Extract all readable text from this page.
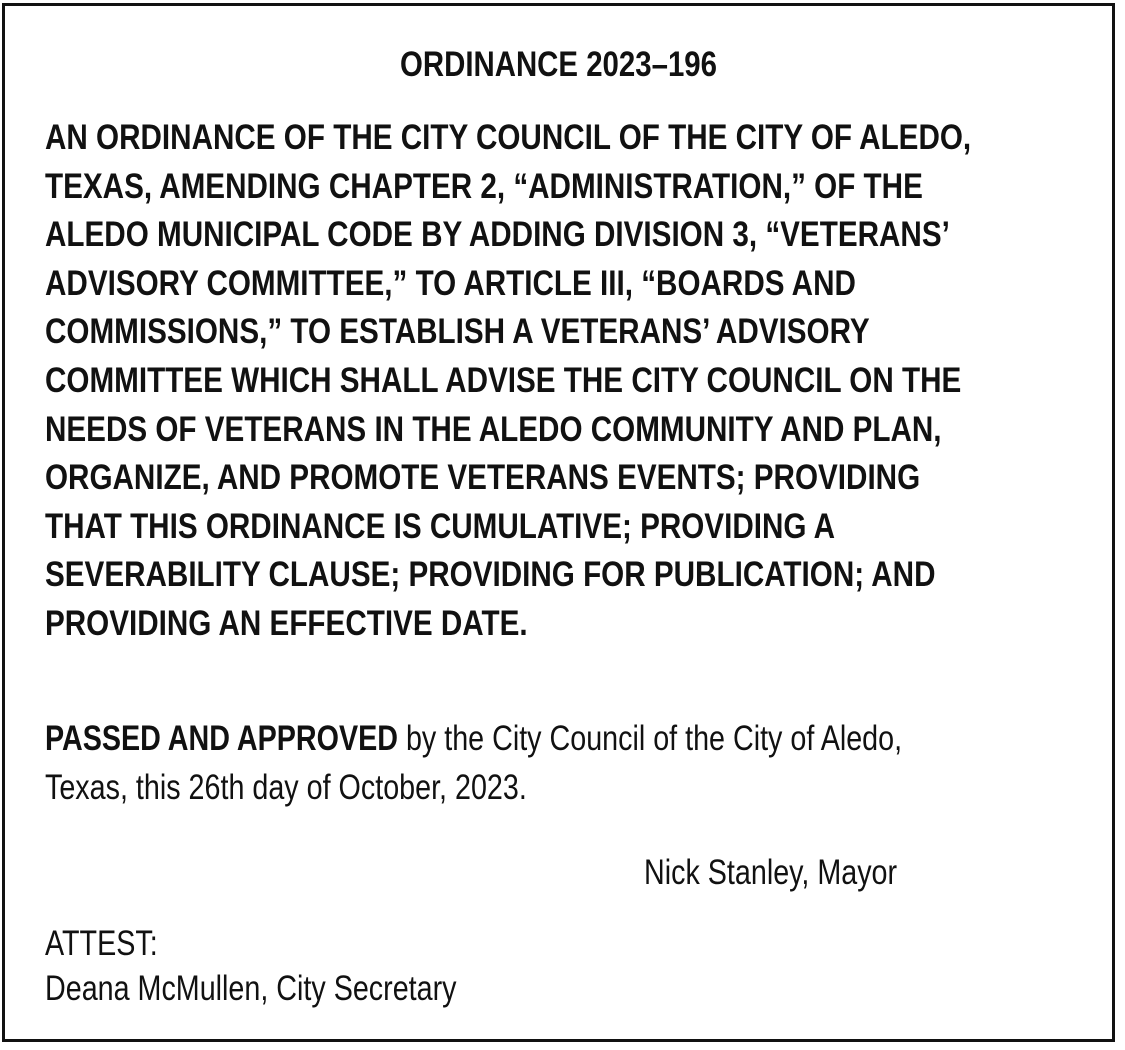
ORDINANCE 2023–196
AN ORDINANCE OF THE CITY COUNCIL OF THE CITY OF ALEDO,
TEXAS, AMENDING CHAPTER 2, “ADMINISTRATION,” OF THE
ALEDO MUNICIPAL CODE BY ADDING DIVISION 3, “VETERANS’
ADVISORY COMMITTEE,” TO ARTICLE III, “BOARDS AND
COMMISSIONS,” TO ESTABLISH A VETERANS’ ADVISORY
COMMITTEE WHICH SHALL ADVISE THE CITY COUNCIL ON THE
NEEDS OF VETERANS IN THE ALEDO COMMUNITY AND PLAN,
ORGANIZE, AND PROMOTE VETERANS EVENTS; PROVIDING
THAT THIS ORDINANCE IS CUMULATIVE; PROVIDING A
SEVERABILITY CLAUSE; PROVIDING FOR PUBLICATION; AND
PROVIDING AN EFFECTIVE DATE.
PASSED AND APPROVED by the City Council of the City of Aledo,
Texas, this 26th day of October, 2023.
Nick Stanley, Mayor
ATTEST:
Deana McMullen, City Secretary
